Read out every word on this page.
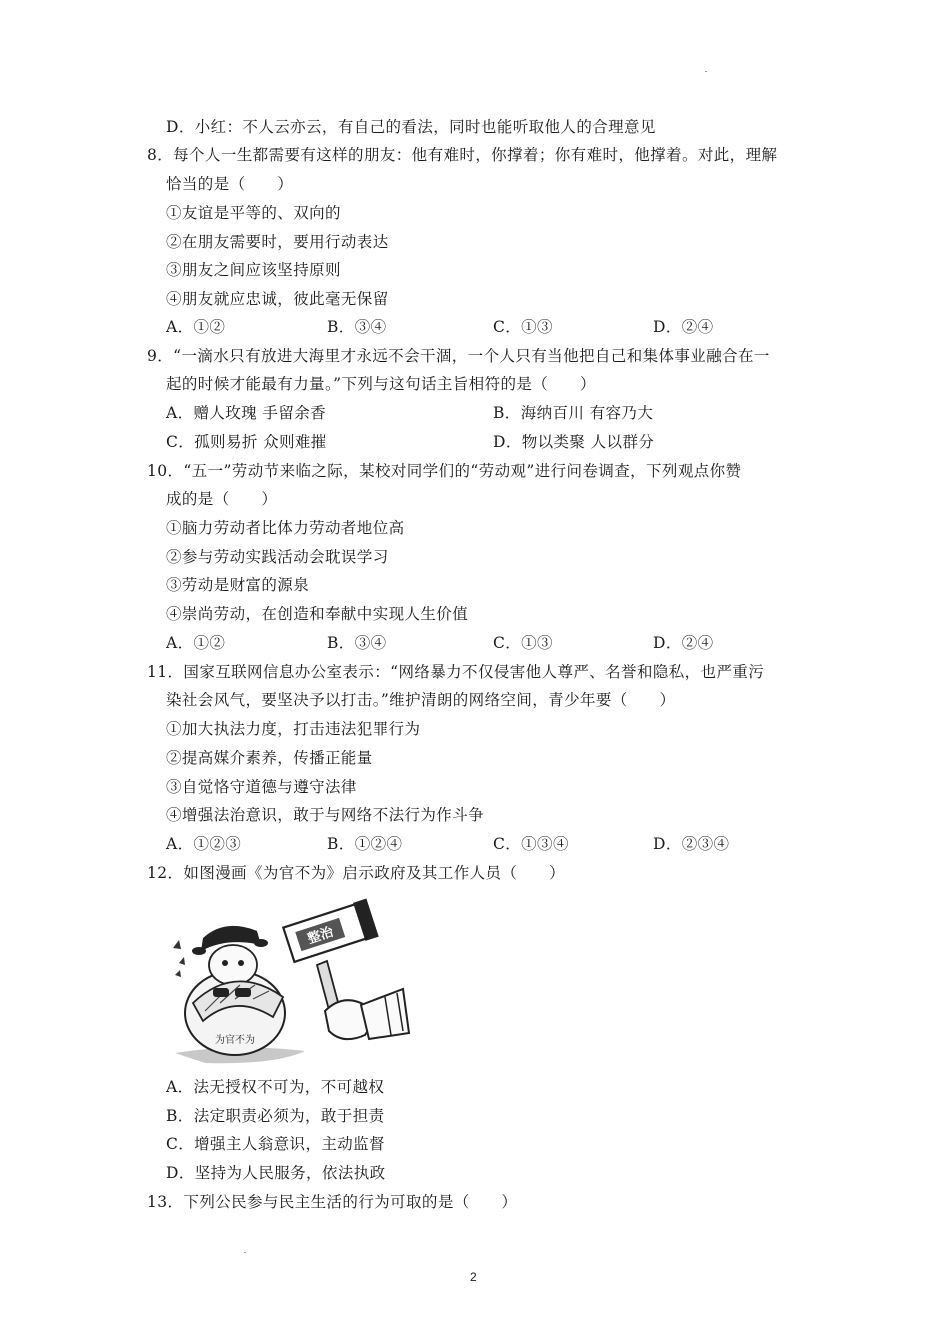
D．小红：不人云亦云，有自己的看法，同时也能听取他人的合理意见
8．每个人一生都需要有这样的朋友：他有难时，你撑着；你有难时，他撑着。对此，理解
恰当的是（　　）
①友谊是平等的、双向的
②在朋友需要时，要用行动表达
③朋友之间应该坚持原则
④朋友就应忠诚，彼此毫无保留
A．①②	B．③④	C．①③	D．②④
9．“一滴水只有放进大海里才永远不会干涸，一个人只有当他把自己和集体事业融合在一
起的时候才能最有力量。”下列与这句话主旨相符的是（　　）
A．赠人玫瑰 手留余香	B．海纳百川 有容乃大
C．孤则易折 众则难摧	D．物以类聚 人以群分
10．“五一”劳动节来临之际，某校对同学们的“劳动观”进行问卷调查，下列观点你赞
成的是（　　）
①脑力劳动者比体力劳动者地位高
②参与劳动实践活动会耽误学习
③劳动是财富的源泉
④崇尚劳动，在创造和奉献中实现人生价值
A．①②	B．③④	C．①③	D．②④
11．国家互联网信息办公室表示：“网络暴力不仅侵害他人尊严、名誉和隐私，也严重污
染社会风气，要坚决予以打击。”维护清朗的网络空间，青少年要（　　）
①加大执法力度，打击违法犯罪行为
②提高媒介素养，传播正能量
③自觉恪守道德与遵守法律
④增强法治意识，敢于与网络不法行为作斗争
A．①②③	B．①②④	C．①③④	D．②③④
12．如图漫画《为官不为》启示政府及其工作人员（　　）
为官不为
整治
A．法无授权不可为，不可越权
B．法定职责必须为，敢于担责
C．增强主人翁意识，主动监督
D．坚持为人民服务，依法执政
13．下列公民参与民主生活的行为可取的是（　　）
2
